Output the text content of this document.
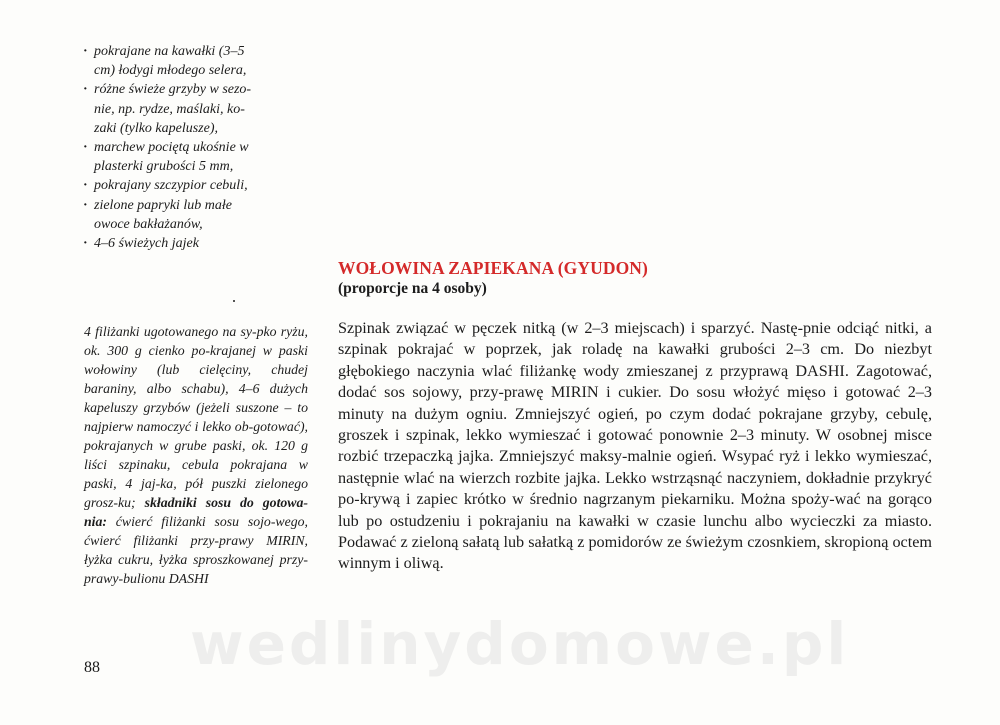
· pokrajane na kawałki (3–5
cm) łodygi młodego selera,
· różne świeże grzyby w sezo-
nie, np. rydze, maślaki, ko-
zaki (tylko kapelusze),
· marchew pociętą ukośnie w
plasterki grubości 5 mm,
· pokrajany szczypior cebuli,
· zielone papryki lub małe
owoce bakłażanów,
· 4–6 świeżych jajek
4 filiżanki ugotowanego na sy-pko ryżu, ok. 300 g cienko po-krajanej w paski wołowiny (lub cielęciny, chudej baraniny, albo schabu), 4–6 dużych kapeluszy grzybów (jeżeli suszone – to najpierw namoczyć i lekko ob-gotować), pokrajanych w grube paski, ok. 120 g liści szpinaku, cebula pokrajana w paski, 4 jaj-ka, pół puszki zielonego grosz-ku; składniki sosu do gotowa-nia: ćwierć filiżanki sosu sojo-wego, ćwierć filiżanki przy-prawy MIRIN, łyżka cukru, łyżka sproszkowanej przy-prawy-bulionu DASHI
88
WOŁOWINA ZAPIEKANA (GYUDON)
(proporcje na 4 osoby)
Szpinak związać w pęczek nitką (w 2–3 miejscach) i sparzyć. Nastę-pnie odciąć nitki, a szpinak pokrajać w poprzek, jak roladę na kawałki grubości 2–3 cm. Do niezbyt głębokiego naczynia wlać filiżankę wody zmieszanej z przyprawą DASHI. Zagotować, dodać sos sojowy, przy-prawę MIRIN i cukier. Do sosu włożyć mięso i gotować 2–3 minuty na dużym ogniu. Zmniejszyć ogień, po czym dodać pokrajane grzyby, cebulę, groszek i szpinak, lekko wymieszać i gotować ponownie 2–3 minuty. W osobnej misce rozbić trzepaczką jajka. Zmniejszyć maksy-malnie ogień. Wsypać ryż i lekko wymieszać, następnie wlać na wierzch rozbite jajka. Lekko wstrząsnąć naczyniem, dokładnie przykryć po-krywą i zapiec krótko w średnio nagrzanym piekarniku. Można spoży-wać na gorąco lub po ostudzeniu i pokrajaniu na kawałki w czasie lunchu albo wycieczki za miasto. Podawać z zieloną sałatą lub sałatką z pomidorów ze świeżym czosnkiem, skropioną octem winnym i oliwą.
wedlinydomowe.pl
